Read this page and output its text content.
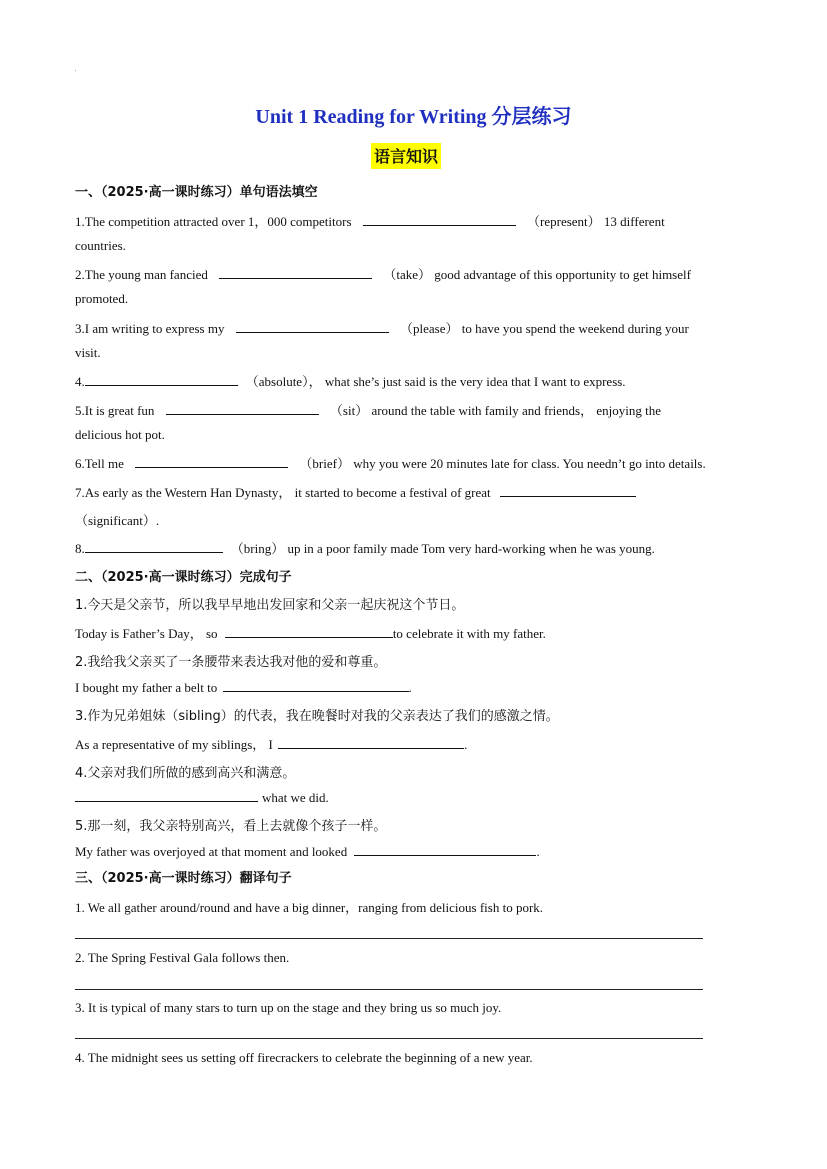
'
Unit 1 Reading for Writing 分层练习
语言知识
一、（2025·高一课时练习）单句语法填空
1.The competition attracted over 1，000 competitors	（represent） 13 different
countries.
2.The young man fancied	（take） good advantage of this opportunity to get himself
promoted.
3.I am writing to express my	（please） to have you spend the weekend during your
visit.
4.	（absolute）， what she’s just said is the very idea that I want to express.
5.It is great fun	（sit） around the table with family and friends， enjoying the
delicious hot pot.
6.Tell me	（brief） why you were 20 minutes late for class. You needn’t go into details.
7.As early as the Western Han Dynasty， it started to become a festival of great
（significant）.
8.	（bring） up in a poor family made Tom very hard-working when he was young.
二、（2025·高一课时练习）完成句子
1.今天是父亲节，所以我早早地出发回家和父亲一起庆祝这个节日。
Today is Father’s Day， so	to celebrate it with my father.
2.我给我父亲买了一条腰带来表达我对他的爱和尊重。
I bought my father a belt to	.
3.作为兄弟姐妹（sibling）的代表，我在晚餐时对我的父亲表达了我们的感激之情。
As a representative of my siblings， I	.
4.父亲对我们所做的感到高兴和满意。
what we did.
5.那一刻，我父亲特别高兴，看上去就像个孩子一样。
My father was overjoyed at that moment and looked	.
三、（2025·高一课时练习）翻译句子
1. We all gather around/round and have a big dinner，ranging from delicious fish to pork.
2. The Spring Festival Gala follows then.
3. It is typical of many stars to turn up on the stage and they bring us so much joy.
4. The midnight sees us setting off firecrackers to celebrate the beginning of a new year.
